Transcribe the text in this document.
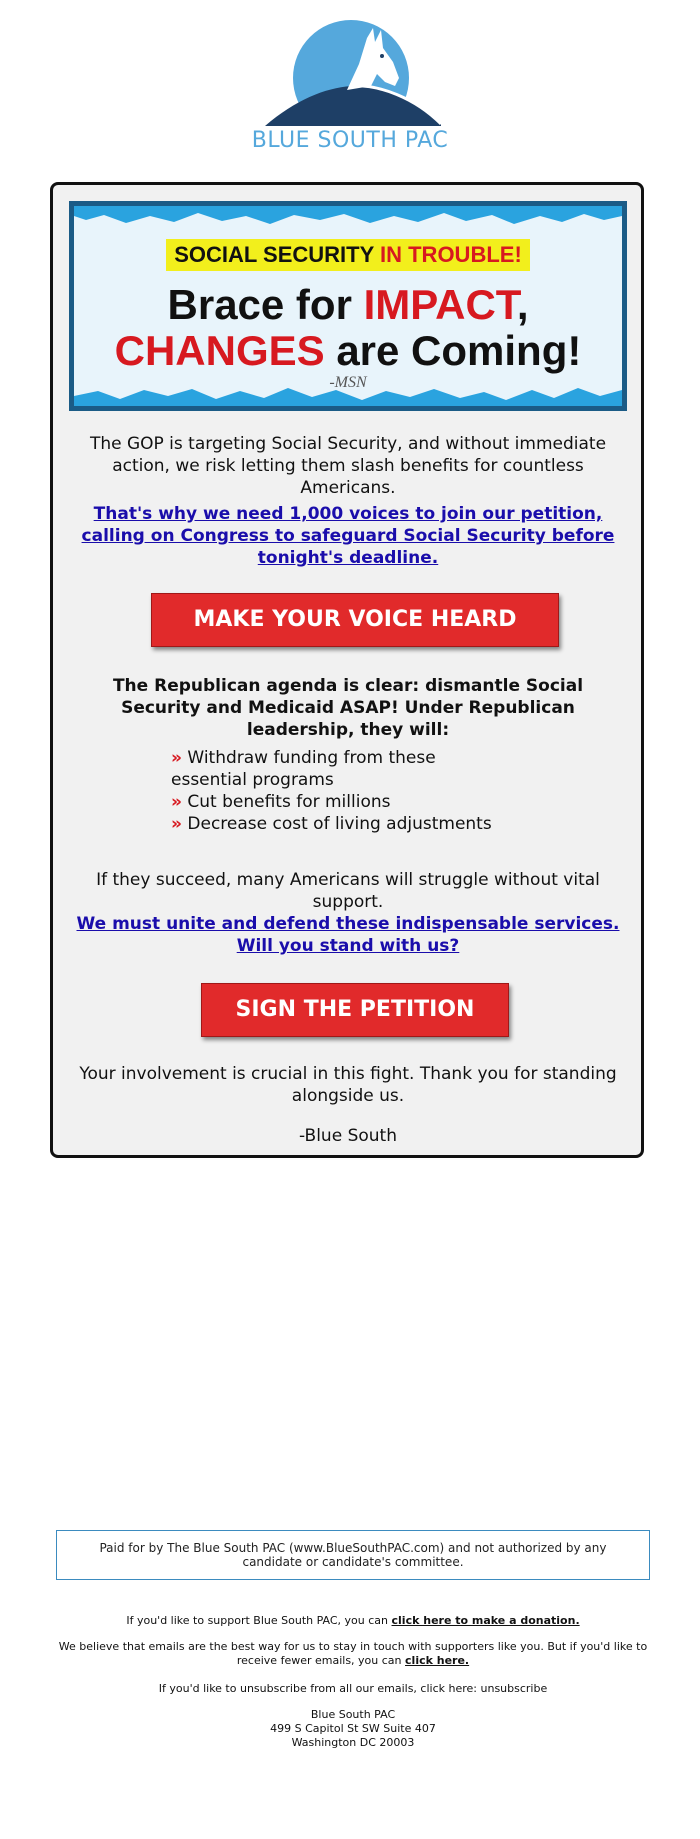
BLUE SOUTH PAC
SOCIAL SECURITY IN TROUBLE!
Brace for IMPACT,
CHANGES are Coming!
-MSN
The GOP is targeting Social Security, and without immediate action, we risk letting them slash benefits for countless Americans.
That's why we need 1,000 voices to join our petition, calling on Congress to safeguard Social Security before tonight's deadline.
MAKE YOUR VOICE HEARD
The Republican agenda is clear: dismantle Social Security and Medicaid ASAP! Under Republican leadership, they will:

» Withdraw funding from these essential programs

» Cut benefits for millions

» Decrease cost of living adjustments

If they succeed, many Americans will struggle without vital support.
We must unite and defend these indispensable services. Will you stand with us?
SIGN THE PETITION
Your involvement is crucial in this fight. Thank you for standing alongside us.
-Blue South
Paid for by The Blue South PAC (www.BlueSouthPAC.com) and not authorized by any candidate or candidate's committee.
If you'd like to support Blue South PAC, you can click here to make a donation.
We believe that emails are the best way for us to stay in touch with supporters like you. But if you'd like to receive fewer emails, you can click here.
If you'd like to unsubscribe from all our emails, click here: unsubscribe
Blue South PAC
499 S Capitol St SW Suite 407
Washington DC 20003
